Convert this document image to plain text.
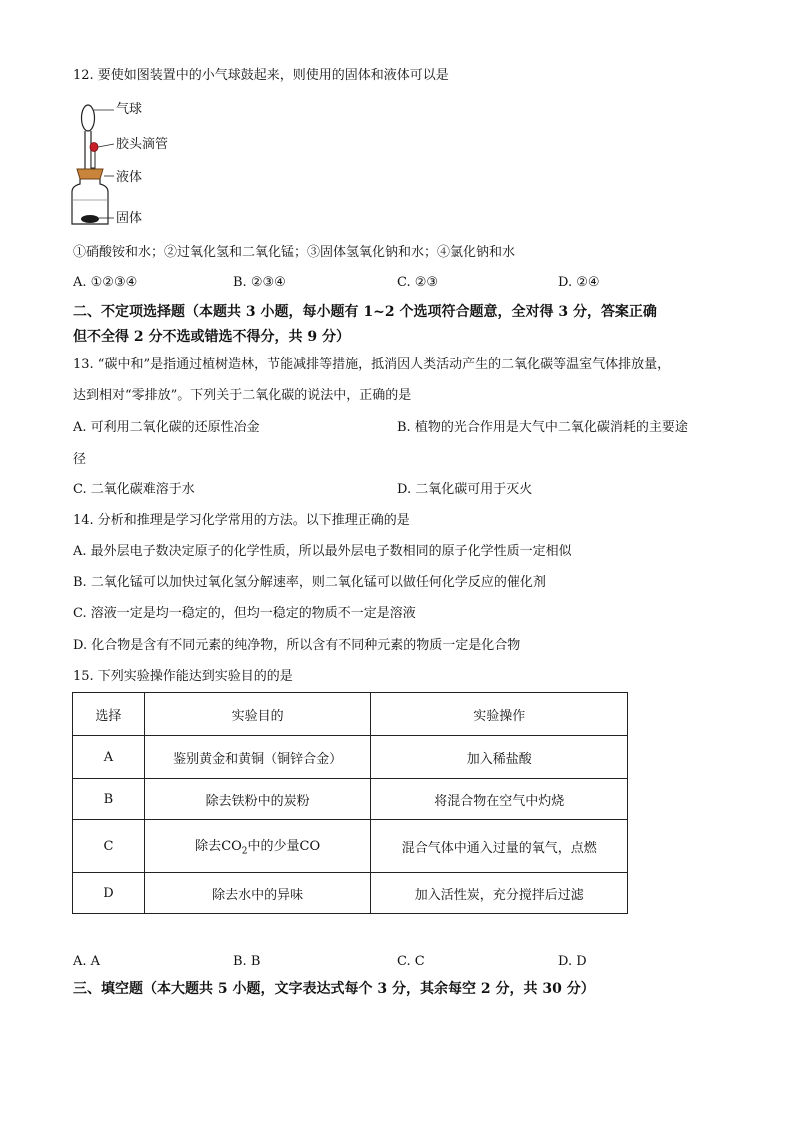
12. 要使如图装置中的小气球鼓起来，则使用的固体和液体可以是
气球
胶头滴管
液体
固体
①硝酸铵和水；②过氧化氢和二氧化锰；③固体氢氧化钠和水；④氯化钠和水
A. ①②③④	B. ②③④	C. ②③	D. ②④
二、不定项选择题（本题共 3 小题，每小题有 1~2 个选项符合题意，全对得 3 分，答案正确
但不全得 2 分不选或错选不得分，共 9 分）
13. “碳中和”是指通过植树造林，节能减排等措施，抵消因人类活动产生的二氧化碳等温室气体排放量，
达到相对“零排放”。下列关于二氧化碳的说法中，正确的是
A. 可利用二氧化碳的还原性冶金	B. 植物的光合作用是大气中二氧化碳消耗的主要途
径
C. 二氧化碳难溶于水	D. 二氧化碳可用于灭火
14. 分析和推理是学习化学常用的方法。以下推理正确的是
A. 最外层电子数决定原子的化学性质，所以最外层电子数相同的原子化学性质一定相似
B. 二氧化锰可以加快过氧化氢分解速率，则二氧化锰可以做任何化学反应的催化剂
C. 溶液一定是均一稳定的，但均一稳定的物质不一定是溶液
D. 化合物是含有不同元素的纯净物，所以含有不同种元素的物质一定是化合物
15. 下列实验操作能达到实验目的的是
选择	实验目的	实验操作
A	鉴别黄金和黄铜（铜锌合金）	加入稀盐酸
B	除去铁粉中的炭粉	将混合物在空气中灼烧
C	除去$CO_2$中的少量CO	混合气体中通入过量的氧气，点燃
D	除去水中的异味	加入活性炭，充分搅拌后过滤
A. A	B. B	C. C	D. D
三、填空题（本大题共 5 小题，文字表达式每个 3 分，其余每空 2 分，共 30 分）
